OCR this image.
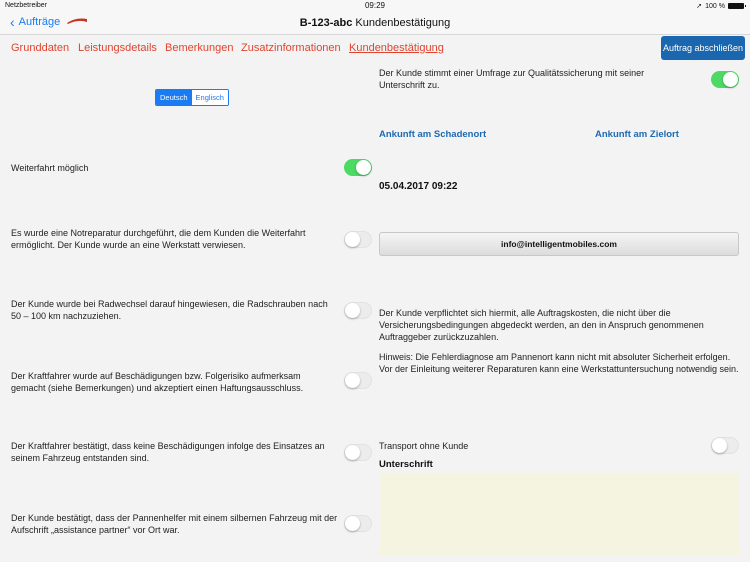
Netzbetreiber	09:29	➚ 100 %
‹ Aufträge	B-123-abc Kundenbestätigung
Grunddaten Leistungsdetails Bemerkungen Zusatzinformationen Kundenbestätigung	Auftrag abschließen
Deutsch	Englisch
Weiterfahrt möglich
Es wurde eine Notreparatur durchgeführt, die dem Kunden die Weiterfahrt ermöglicht. Der Kunde wurde an eine Werkstatt verwiesen.
Der Kunde wurde bei Radwechsel darauf hingewiesen, die Radschrauben nach 50 – 100 km nachzuziehen.
Der Kraftfahrer wurde auf Beschädigungen bzw. Folgerisiko aufmerksam gemacht (siehe Bemerkungen) und akzeptiert einen Haftungsausschluss.
Der Kraftfahrer bestätigt, dass keine Beschädigungen infolge des Einsatzes an seinem Fahrzeug entstanden sind.
Der Kunde bestätigt, dass der Pannenhelfer mit einem silbernen Fahrzeug mit der Aufschrift „assistance partner“ vor Ort war.
Der Kunde stimmt einer Umfrage zur Qualitätssicherung mit seiner Unterschrift zu.
Ankunft am Schadenort	Ankunft am Zielort
05.04.2017 09:22
info@intelligentmobiles.com
Der Kunde verpflichtet sich hiermit, alle Auftragskosten, die nicht über die Versicherungsbedingungen abgedeckt werden, an den in Anspruch genommenen Auftraggeber zurückzuzahlen.
Hinweis: Die Fehlerdiagnose am Pannenort kann nicht mit absoluter Sicherheit erfolgen. Vor der Einleitung weiterer Reparaturen kann eine Werkstattuntersuchung notwendig sein.
Transport ohne Kunde
Unterschrift
